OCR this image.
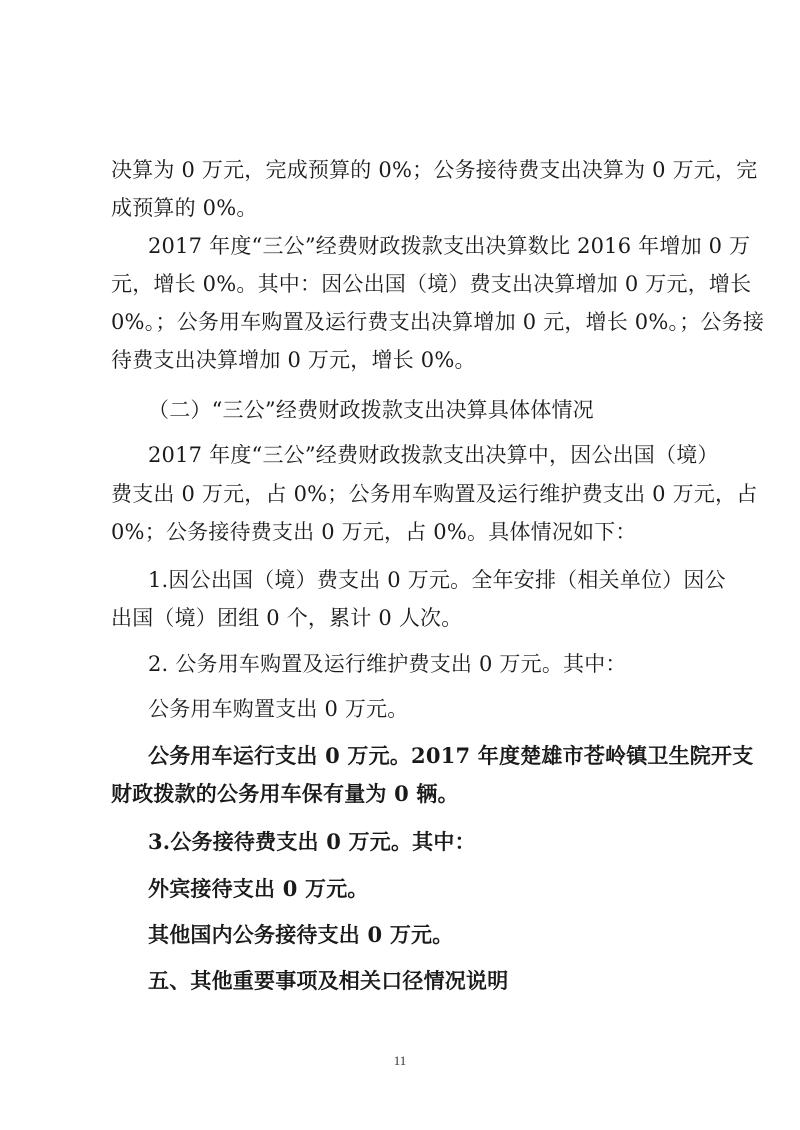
决算为 0 万元，完成预算的 0%；公务接待费支出决算为 0 万元，完
成预算的 0%。
2017 年度“三公”经费财政拨款支出决算数比 2016 年增加 0 万
元，增长 0%。其中：因公出国（境）费支出决算增加 0 万元，增长
0%。；公务用车购置及运行费支出决算增加 0 元，增长 0%。；公务接
待费支出决算增加 0 万元，增长 0%。
（二）“三公”经费财政拨款支出决算具体体情况
2017 年度“三公”经费财政拨款支出决算中，因公出国（境）
费支出 0 万元，占 0%；公务用车购置及运行维护费支出 0 万元，占
0%；公务接待费支出 0 万元，占 0%。具体情况如下：
1.因公出国（境）费支出 0 万元。全年安排（相关单位）因公
出国（境）团组 0 个，累计 0 人次。
2. 公务用车购置及运行维护费支出 0 万元。其中：
公务用车购置支出 0 万元。
公务用车运行支出 0 万元。2017 年度楚雄市苍岭镇卫生院开支
财政拨款的公务用车保有量为 0 辆。
3.公务接待费支出 0 万元。其中：
外宾接待支出 0 万元。
其他国内公务接待支出 0 万元。
五、其他重要事项及相关口径情况说明
11
